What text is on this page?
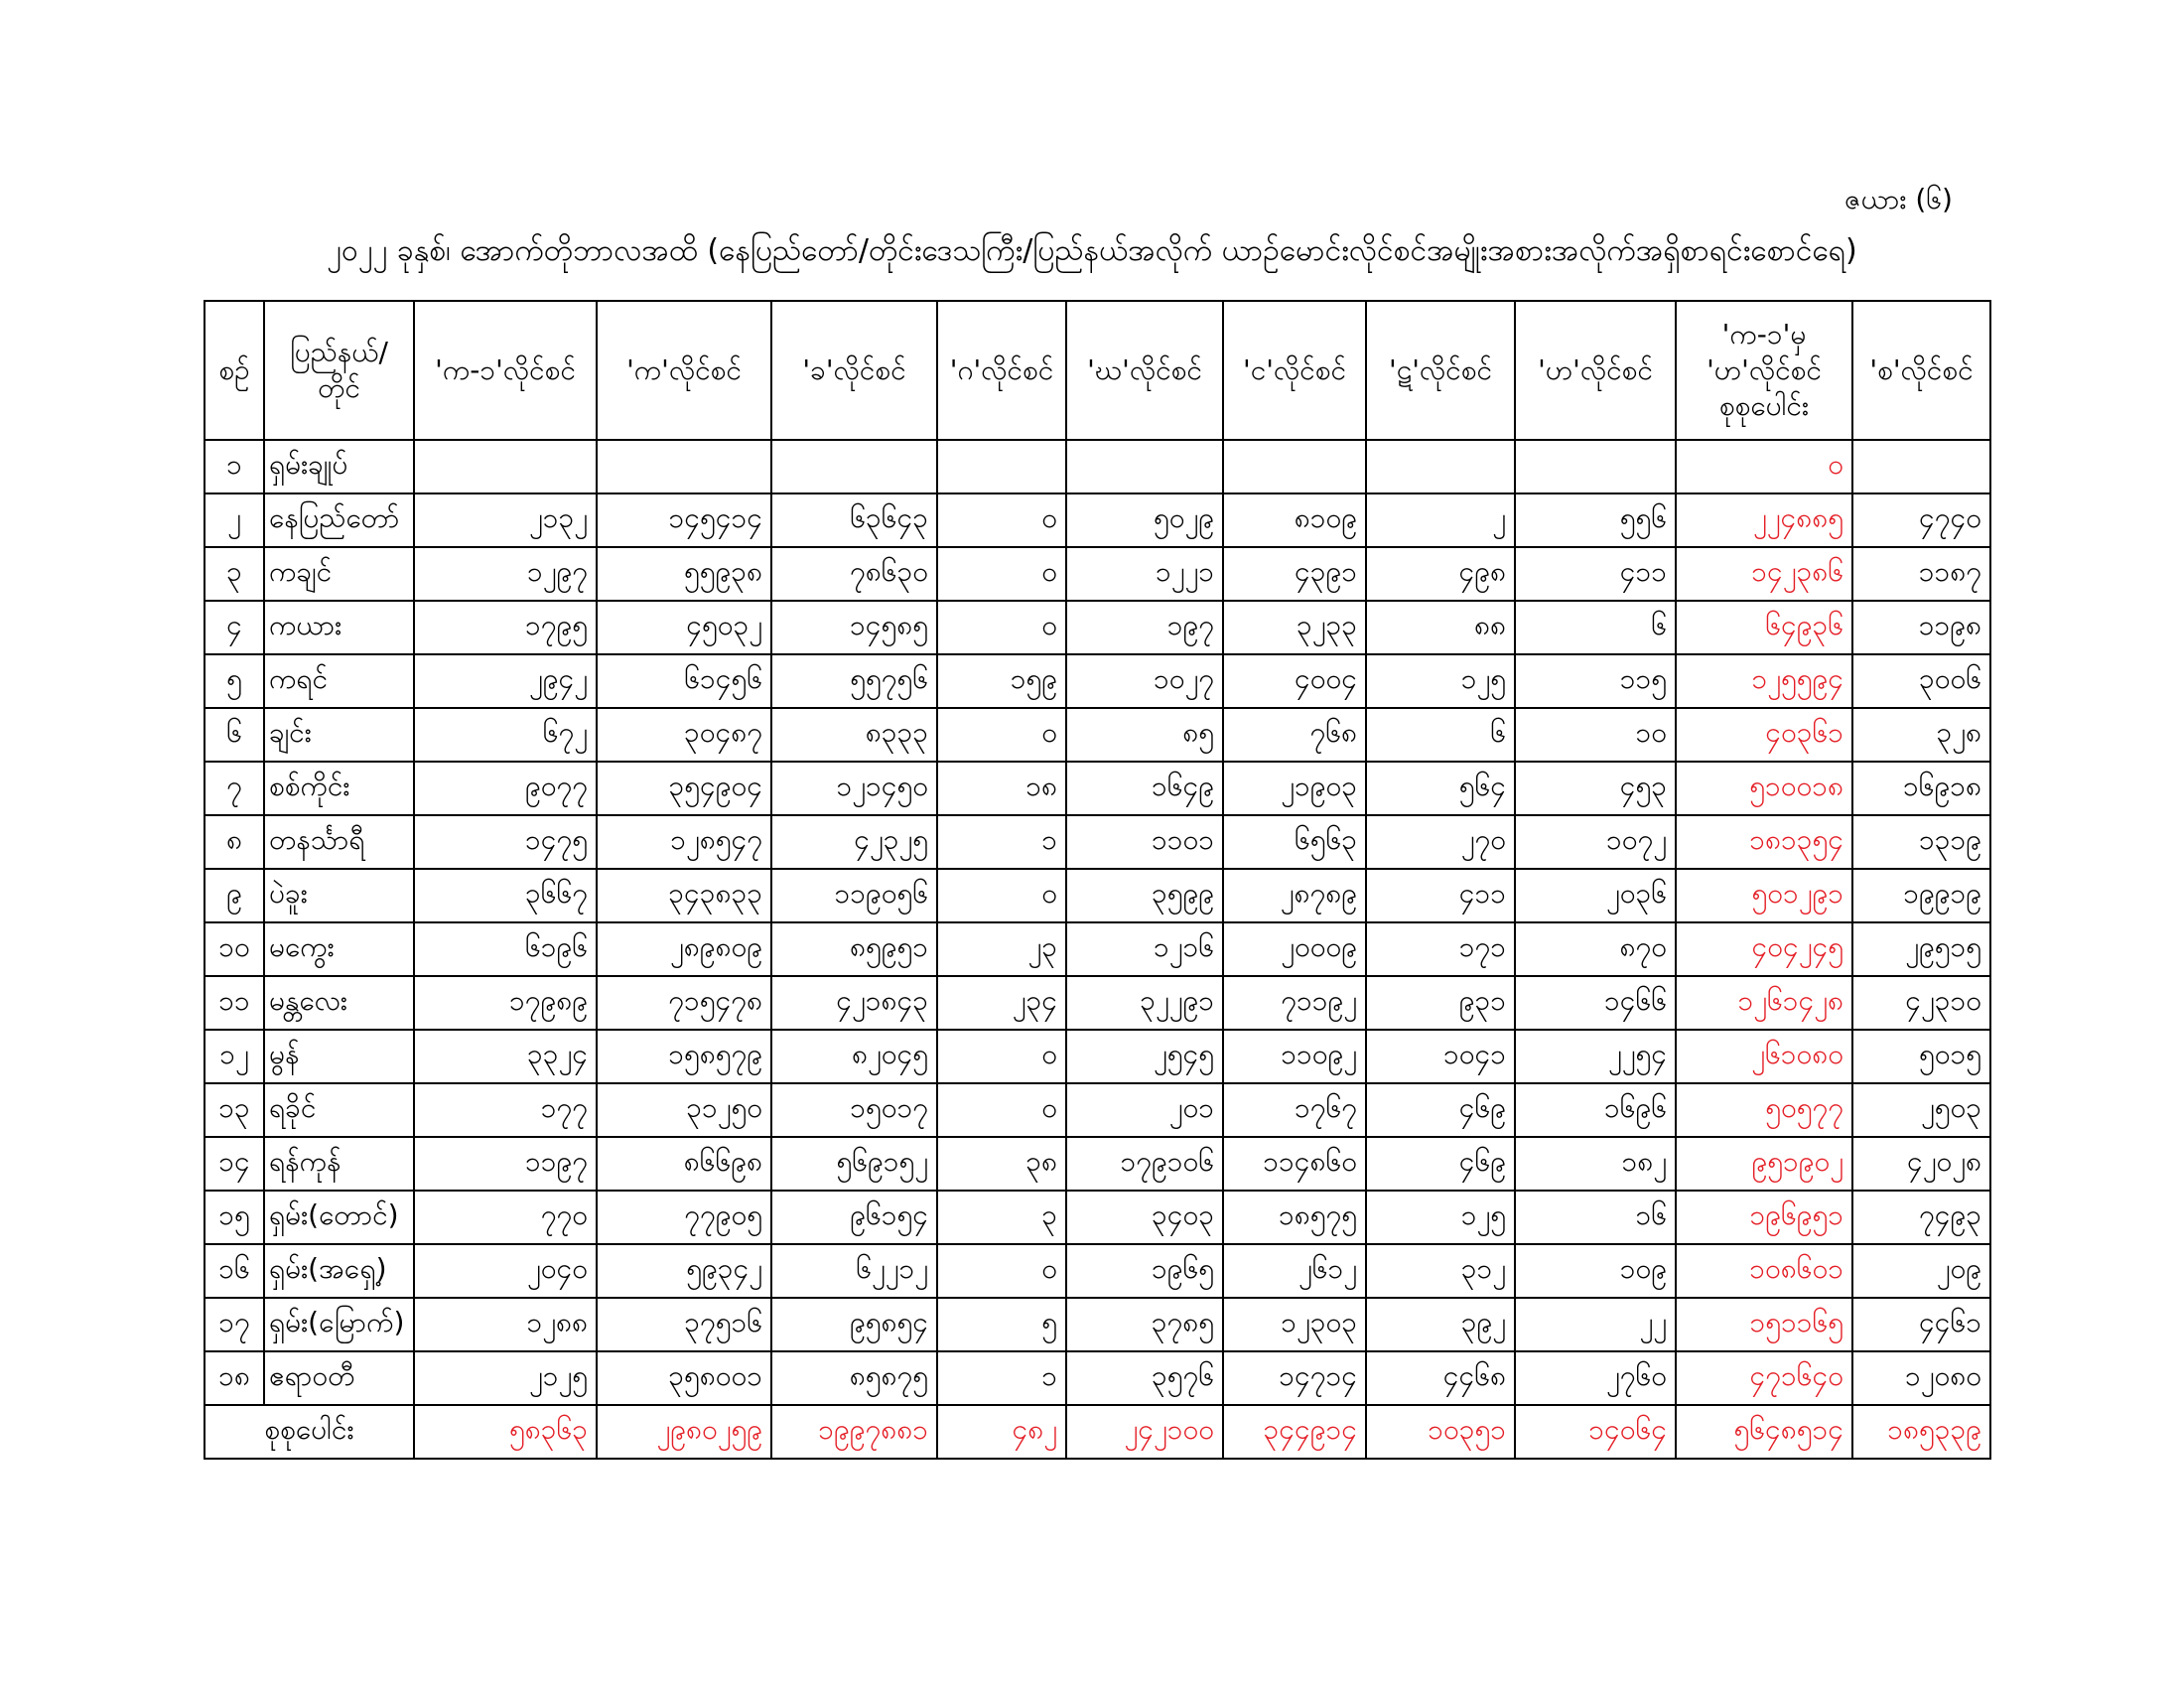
ဇယား (၆)
၂၀၂၂ ခုနှစ်၊ အောက်တိုဘာလအထိ (နေပြည်တော်/တိုင်းဒေသကြီး/ပြည်နယ်အလိုက် ယာဉ်မောင်းလိုင်စင်အမျိုးအစားအလိုက်အရှိစာရင်းစောင်ရေ)
စဉ်	ပြည်နယ်/တိုင်	'က-၁'လိုင်စင်	'က'လိုင်စင်	'ခ'လိုင်စင်	'ဂ'လိုင်စင်	'ဃ'လိုင်စင်	'င'လိုင်စင်	'ဋ'လိုင်စင်	'ဟ'လိုင်စင်	'က-၁'မှ 'ဟ'လိုင်စင် စုစုပေါင်း	'စ'လိုင်စင်
၁	ရှမ်းချုပ်									၀	
၂	နေပြည်တော်	၂၁၃၂	၁၄၅၄၁၄	၆၃၆၄၃	၀	၅၀၂၉	၈၁၀၉	၂	၅၅၆	၂၂၄၈၈၅	၄၇၄၀
၃	ကချင်	၁၂၉၇	၅၅၉၃၈	၇၈၆၃၀	၀	၁၂၂၁	၄၃၉၁	၄၉၈	၄၁၁	၁၄၂၃၈၆	၁၁၈၇
၄	ကယား	၁၇၉၅	၄၅၀၃၂	၁၄၅၈၅	၀	၁၉၇	၃၂၃၃	၈၈	၆	၆၄၉၃၆	၁၁၉၈
၅	ကရင်	၂၉၄၂	၆၁၄၅၆	၅၅၇၅၆	၁၅၉	၁၀၂၇	၄၀၀၄	၁၂၅	၁၁၅	၁၂၅၅၉၄	၃၀၀၆
၆	ချင်း	၆၇၂	၃၀၄၈၇	၈၃၃၃	၀	၈၅	၇၆၈	၆	၁၀	၄၀၃၆၁	၃၂၈
၇	စစ်ကိုင်း	၉၀၇၇	၃၅၄၉၀၄	၁၂၁၄၅၀	၁၈	၁၆၄၉	၂၁၉၀၃	၅၆၄	၄၅၃	၅၁၀၀၁၈	၁၆၉၁၈
၈	တနင်္သာရီ	၁၄၇၅	၁၂၈၅၄၇	၄၂၃၂၅	၁	၁၁၀၁	၆၅၆၃	၂၇၀	၁၀၇၂	၁၈၁၃၅၄	၁၃၁၉
၉	ပဲခူး	၃၆၆၇	၃၄၃၈၃၃	၁၁၉၀၅၆	၀	၃၅၉၉	၂၈၇၈၉	၄၁၁	၂၀၃၆	၅၀၁၂၉၁	၁၉၉၁၉
၁၀	မကွေး	၆၁၉၆	၂၈၉၈၀၉	၈၅၉၅၁	၂၃	၁၂၁၆	၂၀၀၀၉	၁၇၁	၈၇၀	၄၀၄၂၄၅	၂၉၅၁၅
၁၁	မန္တလေး	၁၇၉၈၉	၇၁၅၄၇၈	၄၂၁၈၄၃	၂၃၄	၃၂၂၉၁	၇၁၁၉၂	၉၃၁	၁၄၆၆	၁၂၆၁၄၂၈	၄၂၃၁၀
၁၂	မွန်	၃၃၂၄	၁၅၈၅၇၉	၈၂၀၄၅	၀	၂၅၄၅	၁၁၀၉၂	၁၀၄၁	၂၂၅၄	၂၆၁၀၈၀	၅၀၁၅
၁၃	ရခိုင်	၁၇၇	၃၁၂၅၀	၁၅၀၁၇	၀	၂၀၁	၁၇၆၇	၄၆၉	၁၆၉၆	၅၀၅၇၇	၂၅၀၃
၁၄	ရန်ကုန်	၁၁၉၇	၈၆၆၉၈	၅၆၉၁၅၂	၃၈	၁၇၉၁၀၆	၁၁၄၈၆၀	၄၆၉	၁၈၂	၉၅၁၉၀၂	၄၂၀၂၈
၁၅	ရှမ်း(တောင်)	၇၇၀	၇၇၉၀၅	၉၆၁၅၄	၃	၃၄၀၃	၁၈၅၇၅	၁၂၅	၁၆	၁၉၆၉၅၁	၇၄၉၃
၁၆	ရှမ်း(အရှေ့)	၂၀၄၀	၅၉၃၄၂	၆၂၂၁၂	၀	၁၉၆၅	၂၆၁၂	၃၁၂	၁၀၉	၁၀၈၆၀၁	၂၀၉
၁၇	ရှမ်း(မြောက်)	၁၂၈၈	၃၇၅၁၆	၉၅၈၅၄	၅	၃၇၈၅	၁၂၃၀၃	၃၉၂	၂၂	၁၅၁၁၆၅	၄၄၆၁
၁၈	ဧရာဝတီ	၂၁၂၅	၃၅၈၀၀၁	၈၅၈၇၅	၁	၃၅၇၆	၁၄၇၁၄	၄၄၆၈	၂၇၆၀	၄၇၁၆၄၀	၁၂၀၈၀
စုစုပေါင်း		၅၈၃၆၃	၂၉၈၀၂၅၉	၁၉၉၇၈၈၁	၄၈၂	၂၄၂၁၀၀	၃၄၄၉၁၄	၁၀၃၅၁	၁၄၀၆၄	၅၆၄၈၅၁၄	၁၈၅၃၃၉
